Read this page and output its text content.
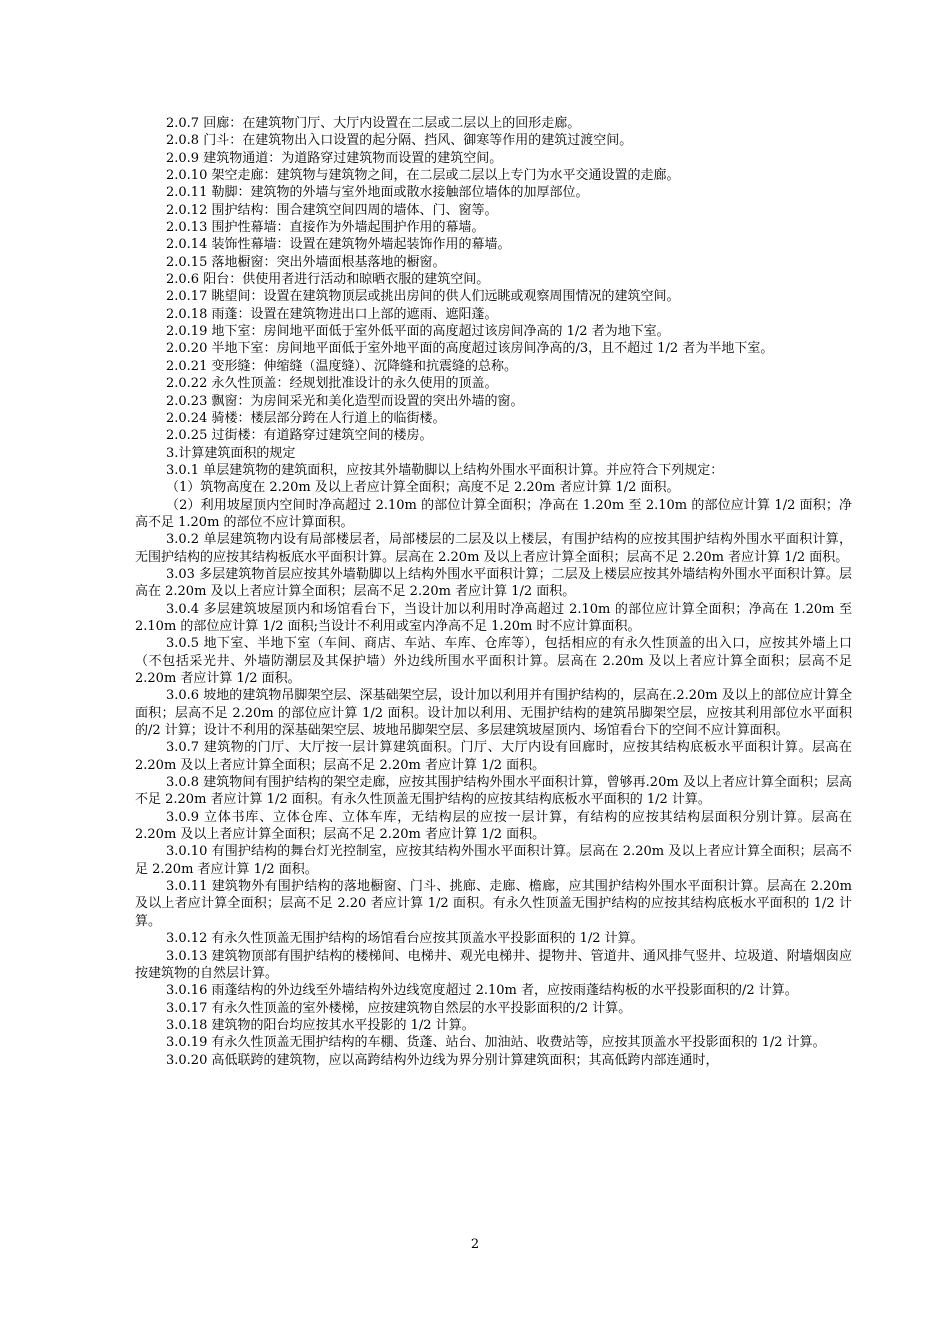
2.0.7 回廊：在建筑物门厅、大厅内设置在二层或二层以上的回形走廊。

2.0.8 门斗：在建筑物出入口设置的起分隔、挡风、御寒等作用的建筑过渡空间。

2.0.9 建筑物通道：为道路穿过建筑物而设置的建筑空间。

2.0.10 架空走廊：建筑物与建筑物之间，在二层或二层以上专门为水平交通设置的走廊。

2.0.11 勒脚：建筑物的外墙与室外地面或散水接触部位墙体的加厚部位。

2.0.12 围护结构：围合建筑空间四周的墙体、门、窗等。

2.0.13 围护性幕墙：直接作为外墙起围护作用的幕墙。

2.0.14 装饰性幕墙：设置在建筑物外墙起装饰作用的幕墙。

2.0.15 落地橱窗：突出外墙面根基落地的橱窗。

2.0.6 阳台：供使用者进行活动和晾晒衣服的建筑空间。

2.0.17 眺望间：设置在建筑物顶层或挑出房间的供人们远眺或观察周围情况的建筑空间。

2.0.18 雨蓬：设置在建筑物进出口上部的遮雨、遮阳蓬。

2.0.19 地下室：房间地平面低于室外低平面的高度超过该房间净高的 1/2 者为地下室。

2.0.20 半地下室：房间地平面低于室外地平面的高度超过该房间净高的/3，且不超过 1/2 者为半地下室。

2.0.21 变形缝：伸缩缝（温度缝）、沉降缝和抗震缝的总称。

2.0.22 永久性顶盖：经规划批准设计的永久使用的顶盖。

2.0.23 飘窗：为房间采光和美化造型而设置的突出外墙的窗。

2.0.24 骑楼：楼层部分跨在人行道上的临街楼。

2.0.25 过街楼：有道路穿过建筑空间的楼房。

3.计算建筑面积的规定

3.0.1 单层建筑物的建筑面积，应按其外墙勒脚以上结构外围水平面积计算。并应符合下列规定：

（1）筑物高度在 2.20m 及以上者应计算全面积；高度不足 2.20m 者应计算 1/2 面积。

（2）利用坡屋顶内空间时净高超过 2.10m 的部位计算全面积；净高在 1.20m 至 2.10m 的部位应计算 1/2 面积；净高不足 1.20m 的部位不应计算面积。

3.0.2 单层建筑物内设有局部楼层者，局部楼层的二层及以上楼层，有围护结构的应按其围护结构外围水平面积计算，无围护结构的应按其结构板底水平面积计算。层高在 2.20m 及以上者应计算全面积；层高不足 2.20m 者应计算 1/2 面积。

3.03 多层建筑物首层应按其外墙勒脚以上结构外围水平面积计算；二层及上楼层应按其外墙结构外围水平面积计算。层高在 2.20m 及以上者应计算全面积；层高不足 2.20m 者应计算 1/2 面积。

3.0.4 多层建筑坡屋顶内和场馆看台下，当设计加以利用时净高超过 2.10m 的部位应计算全面积；净高在 1.20m 至 2.10m 的部位应计算 1/2 面积;当设计不利用或室内净高不足 1.20m 时不应计算面积。

3.0.5 地下室、半地下室（车间、商店、车站、车库、仓库等），包括相应的有永久性顶盖的出入口，应按其外墙上口（不包括采光井、外墙防潮层及其保护墙）外边线所围水平面积计算。层高在 2.20m 及以上者应计算全面积；层高不足 2.20m 者应计算 1/2 面积。

3.0.6 坡地的建筑物吊脚架空层、深基础架空层，设计加以利用并有围护结构的，层高在.2.20m 及以上的部位应计算全面积；层高不足 2.20m 的部位应计算 1/2 面积。设计加以利用、无围护结构的建筑吊脚架空层，应按其利用部位水平面积的/2 计算；设计不利用的深基础架空层、坡地吊脚架空层、多层建筑坡屋顶内、场馆看台下的空间不应计算面积。

3.0.7 建筑物的门厅、大厅按一层计算建筑面积。门厅、大厅内设有回廊时，应按其结构底板水平面积计算。层高在 2.20m 及以上者应计算全面积；层高不足 2.20m 者应计算 1/2 面积。

3.0.8 建筑物间有围护结构的架空走廊，应按其围护结构外围水平面积计算，曾够再.20m 及以上者应计算全面积；层高不足 2.20m 者应计算 1/2 面积。有永久性顶盖无围护结构的应按其结构底板水平面积的 1/2 计算。

3.0.9 立体书库、立体仓库、立体车库，无结构层的应按一层计算，有结构的应按其结构层面积分别计算。层高在 2.20m 及以上者应计算全面积；层高不足 2.20m 者应计算 1/2 面积。

3.0.10 有围护结构的舞台灯光控制室，应按其结构外围水平面积计算。层高在 2.20m 及以上者应计算全面积；层高不足 2.20m 者应计算 1/2 面积。

3.0.11 建筑物外有围护结构的落地橱窗、门斗、挑廊、走廊、檐廊，应其围护结构外围水平面积计算。层高在 2.20m 及以上者应计算全面积；层高不足 2.20 者应计算 1/2 面积。有永久性顶盖无围护结构的应按其结构底板水平面积的 1/2 计算。

3.0.12 有永久性顶盖无围护结构的场馆看台应按其顶盖水平投影面积的 1/2 计算。

3.0.13 建筑物顶部有围护结构的楼梯间、电梯井、观光电梯井、提物井、管道井、通风排气竖井、垃圾道、附墙烟囱应按建筑物的自然层计算。

3.0.16 雨蓬结构的外边线至外墙结构外边线宽度超过 2.10m 者，应按雨蓬结构板的水平投影面积的/2 计算。

3.0.17 有永久性顶盖的室外楼梯，应按建筑物自然层的水平投影面积的/2 计算。

3.0.18 建筑物的阳台均应按其水平投影的 1/2 计算。

3.0.19 有永久性顶盖无围护结构的车棚、货蓬、站台、加油站、收费站等，应按其顶盖水平投影面积的 1/2 计算。

3.0.20 高低联跨的建筑物，应以高跨结构外边线为界分别计算建筑面积；其高低跨内部连通时，

2
